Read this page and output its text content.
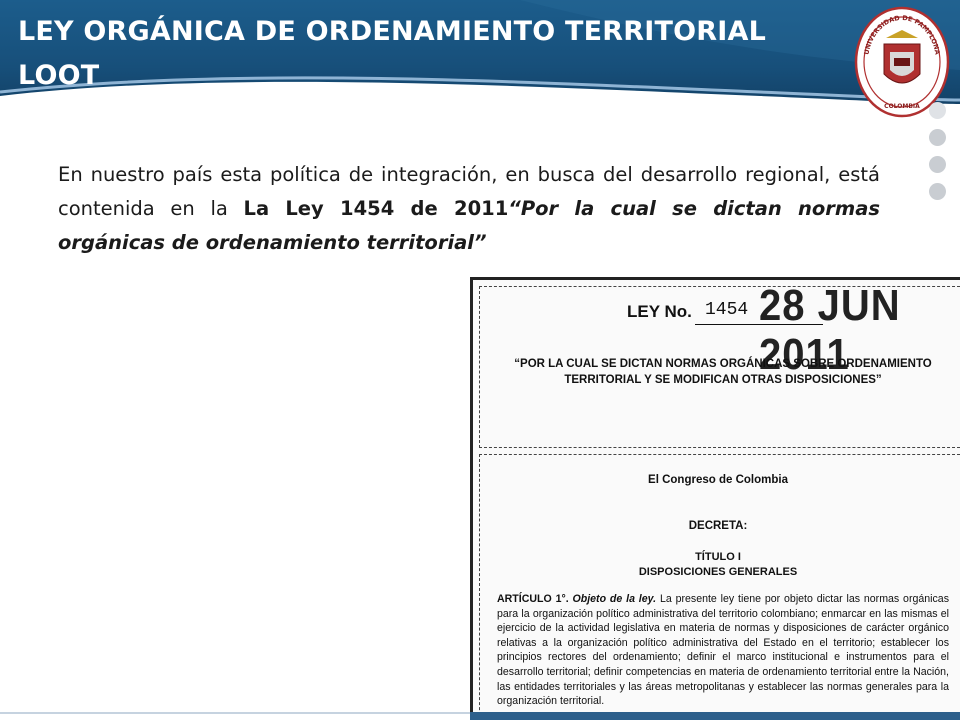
LEY ORGÁNICA DE ORDENAMIENTO TERRITORIAL
LOOT
UNIVERSIDAD DE PAMPLONA
COLOMBIA
En nuestro país esta política de integración, en busca del desarrollo regional, está contenida en la La Ley 1454 de 2011“Por la cual se dictan normas orgánicas de ordenamiento territorial”
LEY No. 1454 28 JUN 2011
“POR LA CUAL SE DICTAN NORMAS ORGÁNICAS SOBRE ORDENAMIENTO TERRITORIAL Y SE MODIFICAN OTRAS DISPOSICIONES”
El Congreso de Colombia
DECRETA:
TÍTULO I
DISPOSICIONES GENERALES
ARTÍCULO 1°. Objeto de la ley. La presente ley tiene por objeto dictar las normas orgánicas para la organización político administrativa del territorio colombiano; enmarcar en las mismas el ejercicio de la actividad legislativa en materia de normas y disposiciones de carácter orgánico relativas a la organización político administrativa del Estado en el territorio; establecer los principios rectores del ordenamiento; definir el marco institucional e instrumentos para el desarrollo territorial; definir competencias en materia de ordenamiento territorial entre la Nación, las entidades territoriales y las áreas metropolitanas y establecer las normas generales para la organización territorial.
